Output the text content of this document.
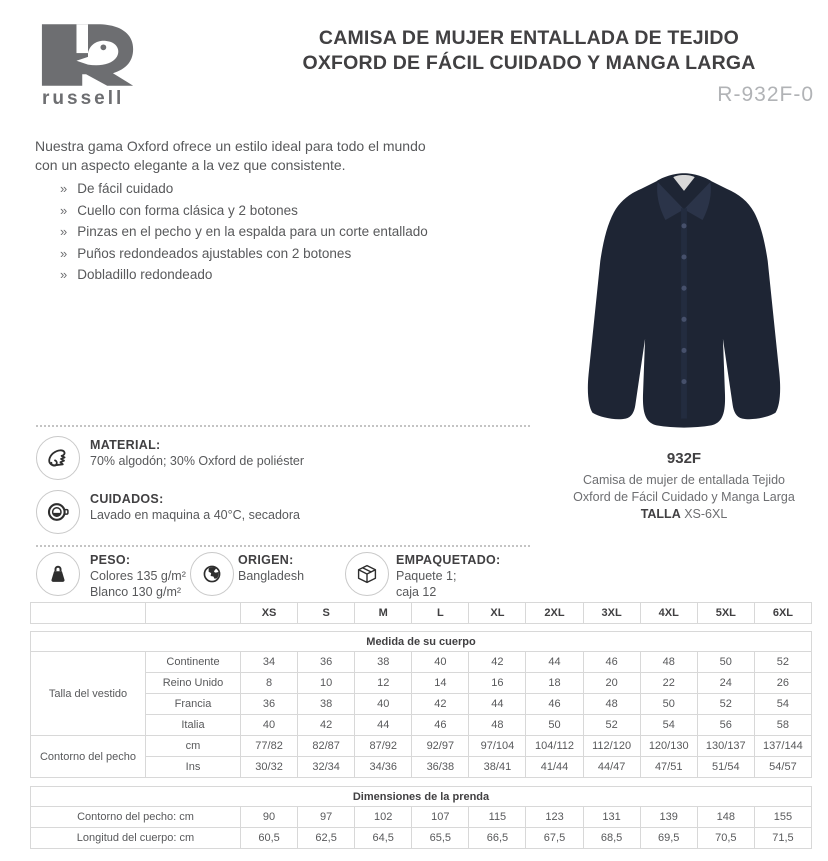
russell
CAMISA DE MUJER ENTALLADA DE TEJIDO
OXFORD DE FÁCIL CUIDADO Y MANGA LARGA
R-932F-0
Nuestra gama Oxford ofrece un estilo ideal para todo el mundo
con un aspecto elegante a la vez que consistente.
» De fácil cuidado
» Cuello con forma clásica y 2 botones
» Pinzas en el pecho y en la espalda para un corte entallado
» Puños redondeados ajustables con 2 botones
» Dobladillo redondeado
932F
Camisa de mujer de entallada Tejido
Oxford de Fácil Cuidado y Manga Larga
TALLA XS-6XL
MATERIAL:
70% algodón; 30% Oxford de poliéster
CUIDADOS:
Lavado en maquina a 40°C, secadora
PESO:
Colores 135 g/m²
Blanco 130 g/m²
ORIGEN:
Bangladesh
EMPAQUETADO:
Paquete 1;
caja 12
		XS	S	M	L	XL	2XL	3XL	4XL	5XL	6XL
Medida de su cuerpo											
Talla del vestido	Continente	34	36	38	40	42	44	46	48	50	52
	Reino Unido	8	10	12	14	16	18	20	22	24	26
	Francia	36	38	40	42	44	46	48	50	52	54
	Italia	40	42	44	46	48	50	52	54	56	58
Contorno del pecho	cm	77/82	82/87	87/92	92/97	97/104	104/112	112/120	120/130	130/137	137/144
	Ins	30/32	32/34	34/36	36/38	38/41	41/44	44/47	47/51	51/54	54/57
Dimensiones de la prenda										
Contorno del pecho: cm	90	97	102	107	115	123	131	139	148	155
Longitud del cuerpo: cm	60,5	62,5	64,5	65,5	66,5	67,5	68,5	69,5	70,5	71,5
